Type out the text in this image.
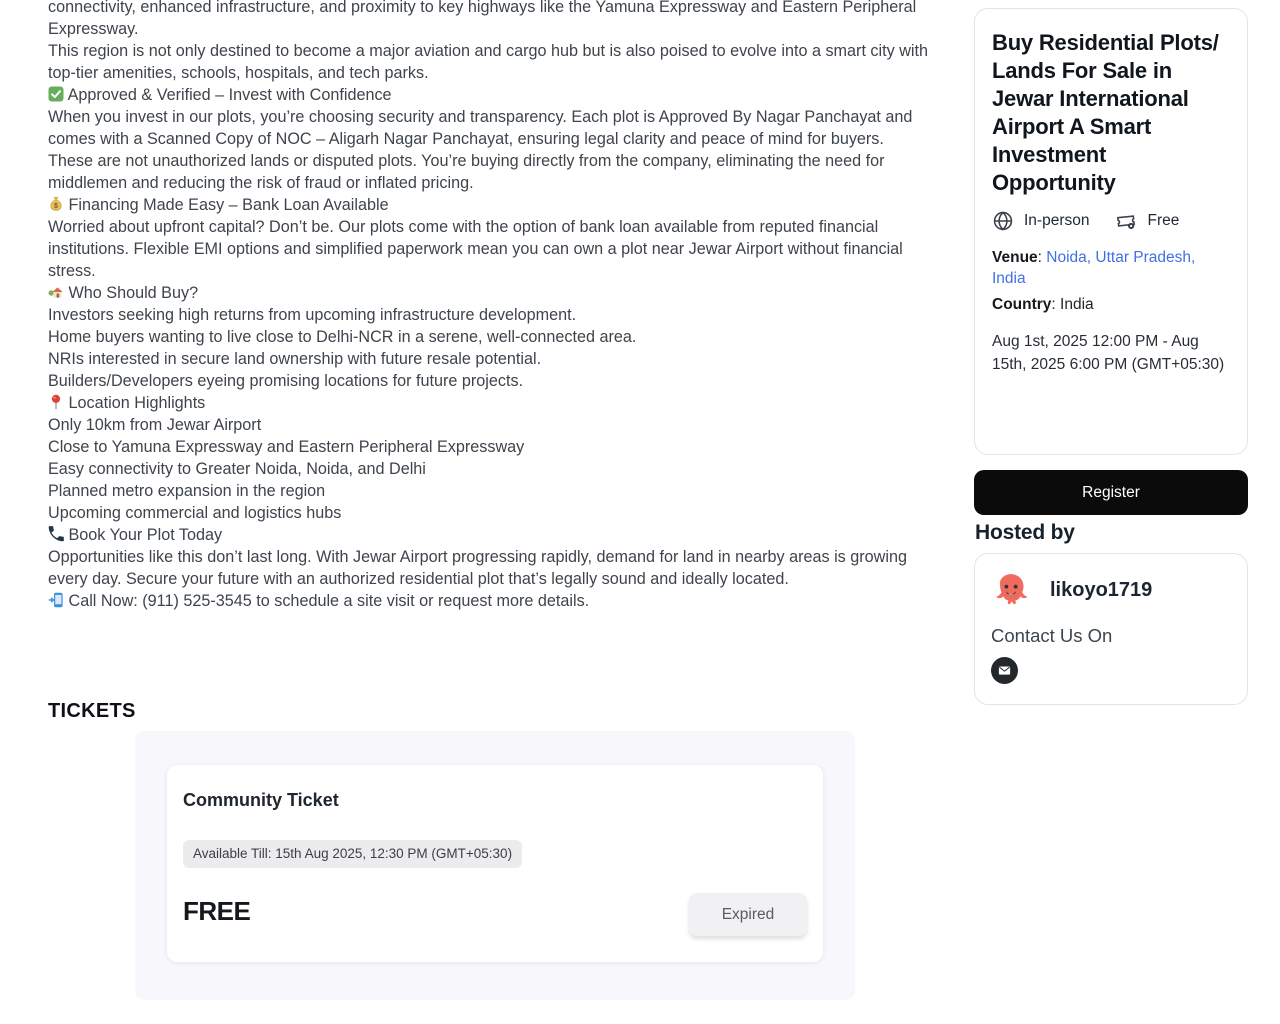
connectivity, enhanced infrastructure, and proximity to key highways like the Yamuna Expressway and Eastern Peripheral Expressway.
This region is not only destined to become a major aviation and cargo hub but is also poised to evolve into a smart city with top-tier amenities, schools, hospitals, and tech parks.
Approved & Verified – Invest with Confidence
When you invest in our plots, you’re choosing security and transparency. Each plot is Approved By Nagar Panchayat and comes with a Scanned Copy of NOC – Aligarh Nagar Panchayat, ensuring legal clarity and peace of mind for buyers.
These are not unauthorized lands or disputed plots. You’re buying directly from the company, eliminating the need for middlemen and reducing the risk of fraud or inflated pricing.
$ Financing Made Easy – Bank Loan Available
Worried about upfront capital? Don’t be. Our plots come with the option of bank loan available from reputed financial institutions. Flexible EMI options and simplified paperwork mean you can own a plot near Jewar Airport without financial stress.
Who Should Buy?
Investors seeking high returns from upcoming infrastructure development.
Home buyers wanting to live close to Delhi-NCR in a serene, well-connected area.
NRIs interested in secure land ownership with future resale potential.
Builders/Developers eyeing promising locations for future projects.
Location Highlights
Only 10km from Jewar Airport
Close to Yamuna Expressway and Eastern Peripheral Expressway
Easy connectivity to Greater Noida, Noida, and Delhi
Planned metro expansion in the region
Upcoming commercial and logistics hubs
Book Your Plot Today
Opportunities like this don’t last long. With Jewar Airport progressing rapidly, demand for land in nearby areas is growing every day. Secure your future with an authorized residential plot that’s legally sound and ideally located.
Call Now: (911) 525-3545 to schedule a site visit or request more details.
Buy Residential Plots/ Lands For Sale in Jewar International Airport A Smart Investment Opportunity
In-person	Free
Venue: Noida, Uttar Pradesh, India
Country: India
Aug 1st, 2025 12:00 PM - Aug 15th, 2025 6:00 PM (GMT+05:30)
Register
Hosted by
likoyo1719
Contact Us On
TICKETS
Community Ticket
Available Till: 15th Aug 2025, 12:30 PM (GMT+05:30)
FREE	Expired
